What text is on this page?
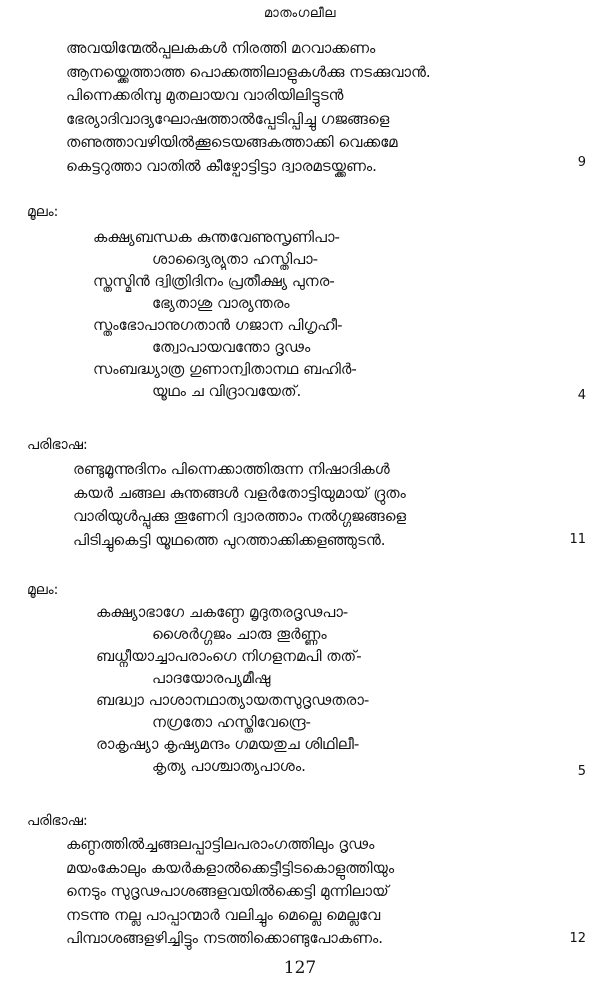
മാതംഗലീല
അവയിന്മേൽപ്പലകകൾ നിരത്തി മറവാക്കണം
ആനയ്ക്കെത്താത്ത പൊക്കത്തിലാളുകൾക്കു നടക്കുവാൻ.
പിന്നെക്കരിമ്പു മുതലായവ വാരിയിലിട്ടുടൻ
ഭേര്യാദിവാദ്യഘോഷത്താൽപ്പേടിപ്പിച്ചു ഗജങ്ങളെ
തണുത്താവഴിയിൽക്കൂടെയങ്ങകത്താക്കി വെക്കമേ
കെട്ടറുത്താ വാതിൽ കീഴ്പോട്ടിട്ടാ ദ്വാരമടയ്ക്കണം.	9
മൂലം:
കക്ഷ്യബന്ധക കുന്തവേണുസൃണിപാ-
ശാദ്യൈര്യുതാ ഹസ്തിപാ-
സ്തസ്മിൻ ദ്വിത്രിദിനം പ്രതീക്ഷ്യ പുനര-
ഭ്യേതാശു വാര്യന്തരം
സ്തംഭോപാനുഗതാൻ ഗജാന പിഗൃഹീ-
ത്വോപായവന്തോ ദൃഢം
സംബദ്ധ്യാത്ര ഗുണാന്വിതാനഥ ബഹിർ-
യൂഥം ച വിദ്രാവയേത്.	4
പരിഭാഷ:
രണ്ടുമൂന്നുദിനം പിന്നെക്കാത്തിരുന്ന നിഷാദികൾ
കയർ ചങ്ങല കുന്തങ്ങൾ വളർതോട്ടിയുമായ് ദ്രുതം
വാരിയുൾപ്പുക്കു തൂണേറി ദ്വാരത്താം നൽഗ്ഗജങ്ങളെ
പിടിച്ചുകെട്ടി യൂഥത്തെ പുറത്താക്കിക്കളഞ്ഞുടൻ.	11
മൂലം:
കക്ഷ്യാഭാഗേ ചകണ്ഠേ മൃദുതരദൃഢപാ-
ശൈർഗ്ഗജം ചാരു തൂർണ്ണം
ബധ്നീയാച്ചാപരാംഗെ നിഗളനമപി തത്-
പാദയോരപ്യമീഷു
ബദ്ധ്വാ പാശാനഥാത്യായതസുദൃഢതരാ-
നഗ്രതോ ഹസ്തിവേന്ദ്രെ-
രാകൃഷ്യാ കൃഷ്യമന്ദം ഗമയതുച ശിഥിലീ-
കൃത്യ പാശ്ചാത്യപാശം.	5
പരിഭാഷ:
കണ്ഠത്തിൽച്ചങ്ങലപ്പാട്ടിലപരാംഗത്തിലും ദൃഢം
മയംകോലും കയർകളാൽക്കെട്ടീട്ടിടകൊളുത്തിയും
നെടും സുദൃഢപാശങ്ങളവയിൽക്കെട്ടി മുന്നിലായ്
നടന്നു നല്ല പാപ്പാന്മാർ വലിച്ചും മെല്ലെ മെല്ലവേ
പിമ്പാശങ്ങളഴിച്ചിട്ടും നടത്തിക്കൊണ്ടുപോകണം.	12
127
